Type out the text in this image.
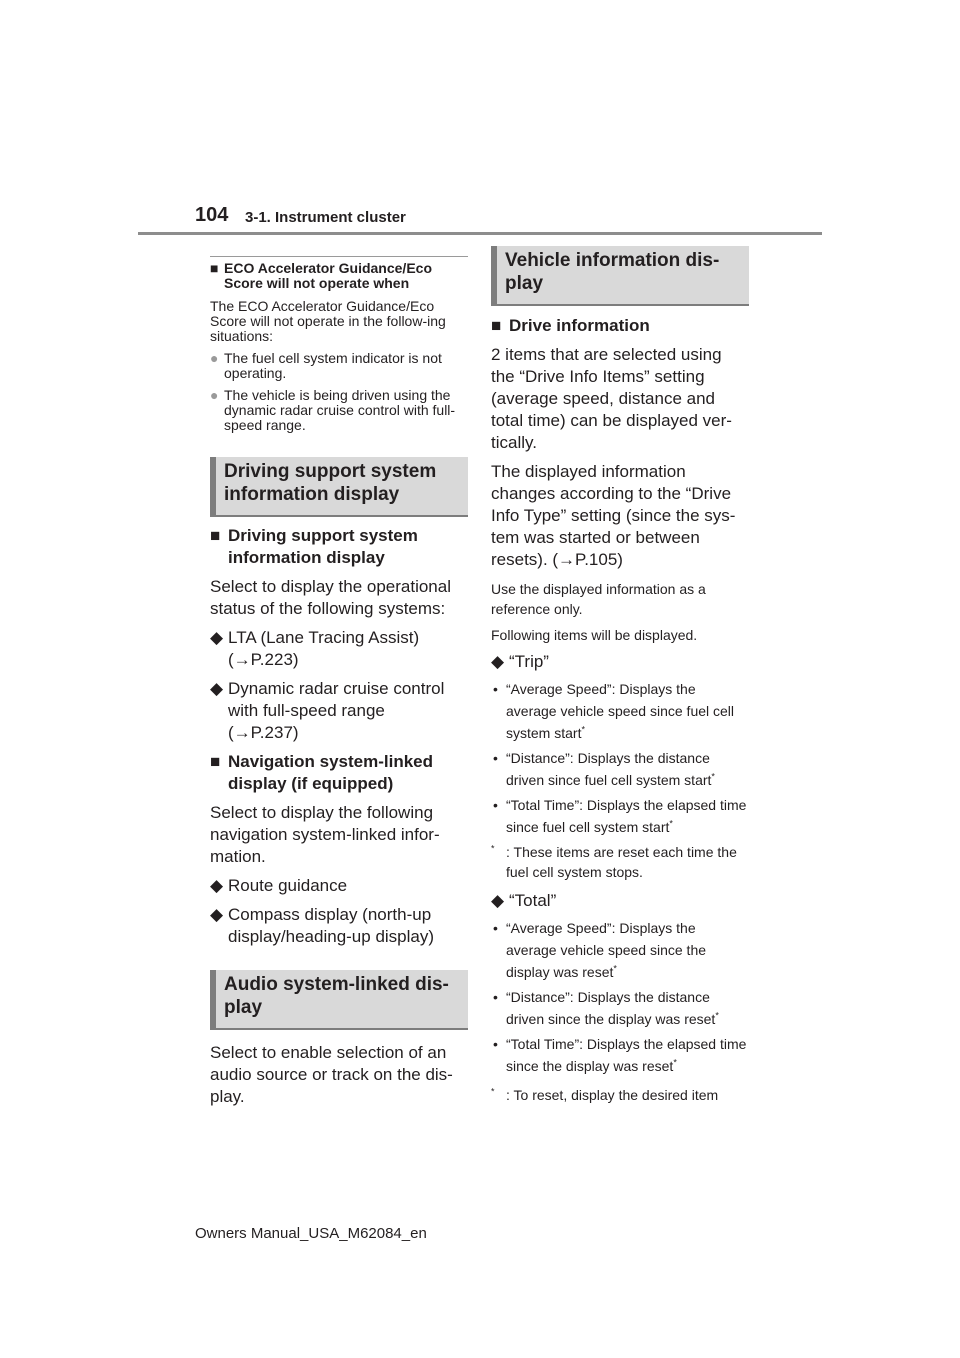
104 3-1. Instrument cluster
■ ECO Accelerator Guidance/Eco Score will not operate when
The ECO Accelerator Guidance/Eco Score will not operate in the follow-ing situations:
● The fuel cell system indicator is not operating.
● The vehicle is being driven using the dynamic radar cruise control with full-speed range.
Driving support system information display
■ Driving support system information display
Select to display the operational status of the following systems:
◆ LTA (Lane Tracing Assist)
(→P.223)
◆ Dynamic radar cruise control with full-speed range
(→P.237)
■ Navigation system-linked display (if equipped)
Select to display the following navigation system-linked infor-mation.
◆ Route guidance
◆ Compass display (north-up display/heading-up display)
Audio system-linked dis-play
Select to enable selection of an audio source or track on the dis-play.
Vehicle information dis-play
■ Drive information
2 items that are selected using the “Drive Info Items” setting (average speed, distance and total time) can be displayed ver-tically.
The displayed information changes according to the “Drive Info Type” setting (since the sys-tem was started or between resets). (→P.105)
Use the displayed information as a reference only.
Following items will be displayed.
◆ “Trip”
• “Average Speed”: Displays the average vehicle speed since fuel cell system start*
• “Distance”: Displays the distance driven since fuel cell system start*
• “Total Time”: Displays the elapsed time since fuel cell system start*
* : These items are reset each time the fuel cell system stops.
◆ “Total”
• “Average Speed”: Displays the average vehicle speed since the display was reset*
• “Distance”: Displays the distance driven since the display was reset*
• “Total Time”: Displays the elapsed time since the display was reset*
* : To reset, display the desired item
Owners Manual_USA_M62084_en
